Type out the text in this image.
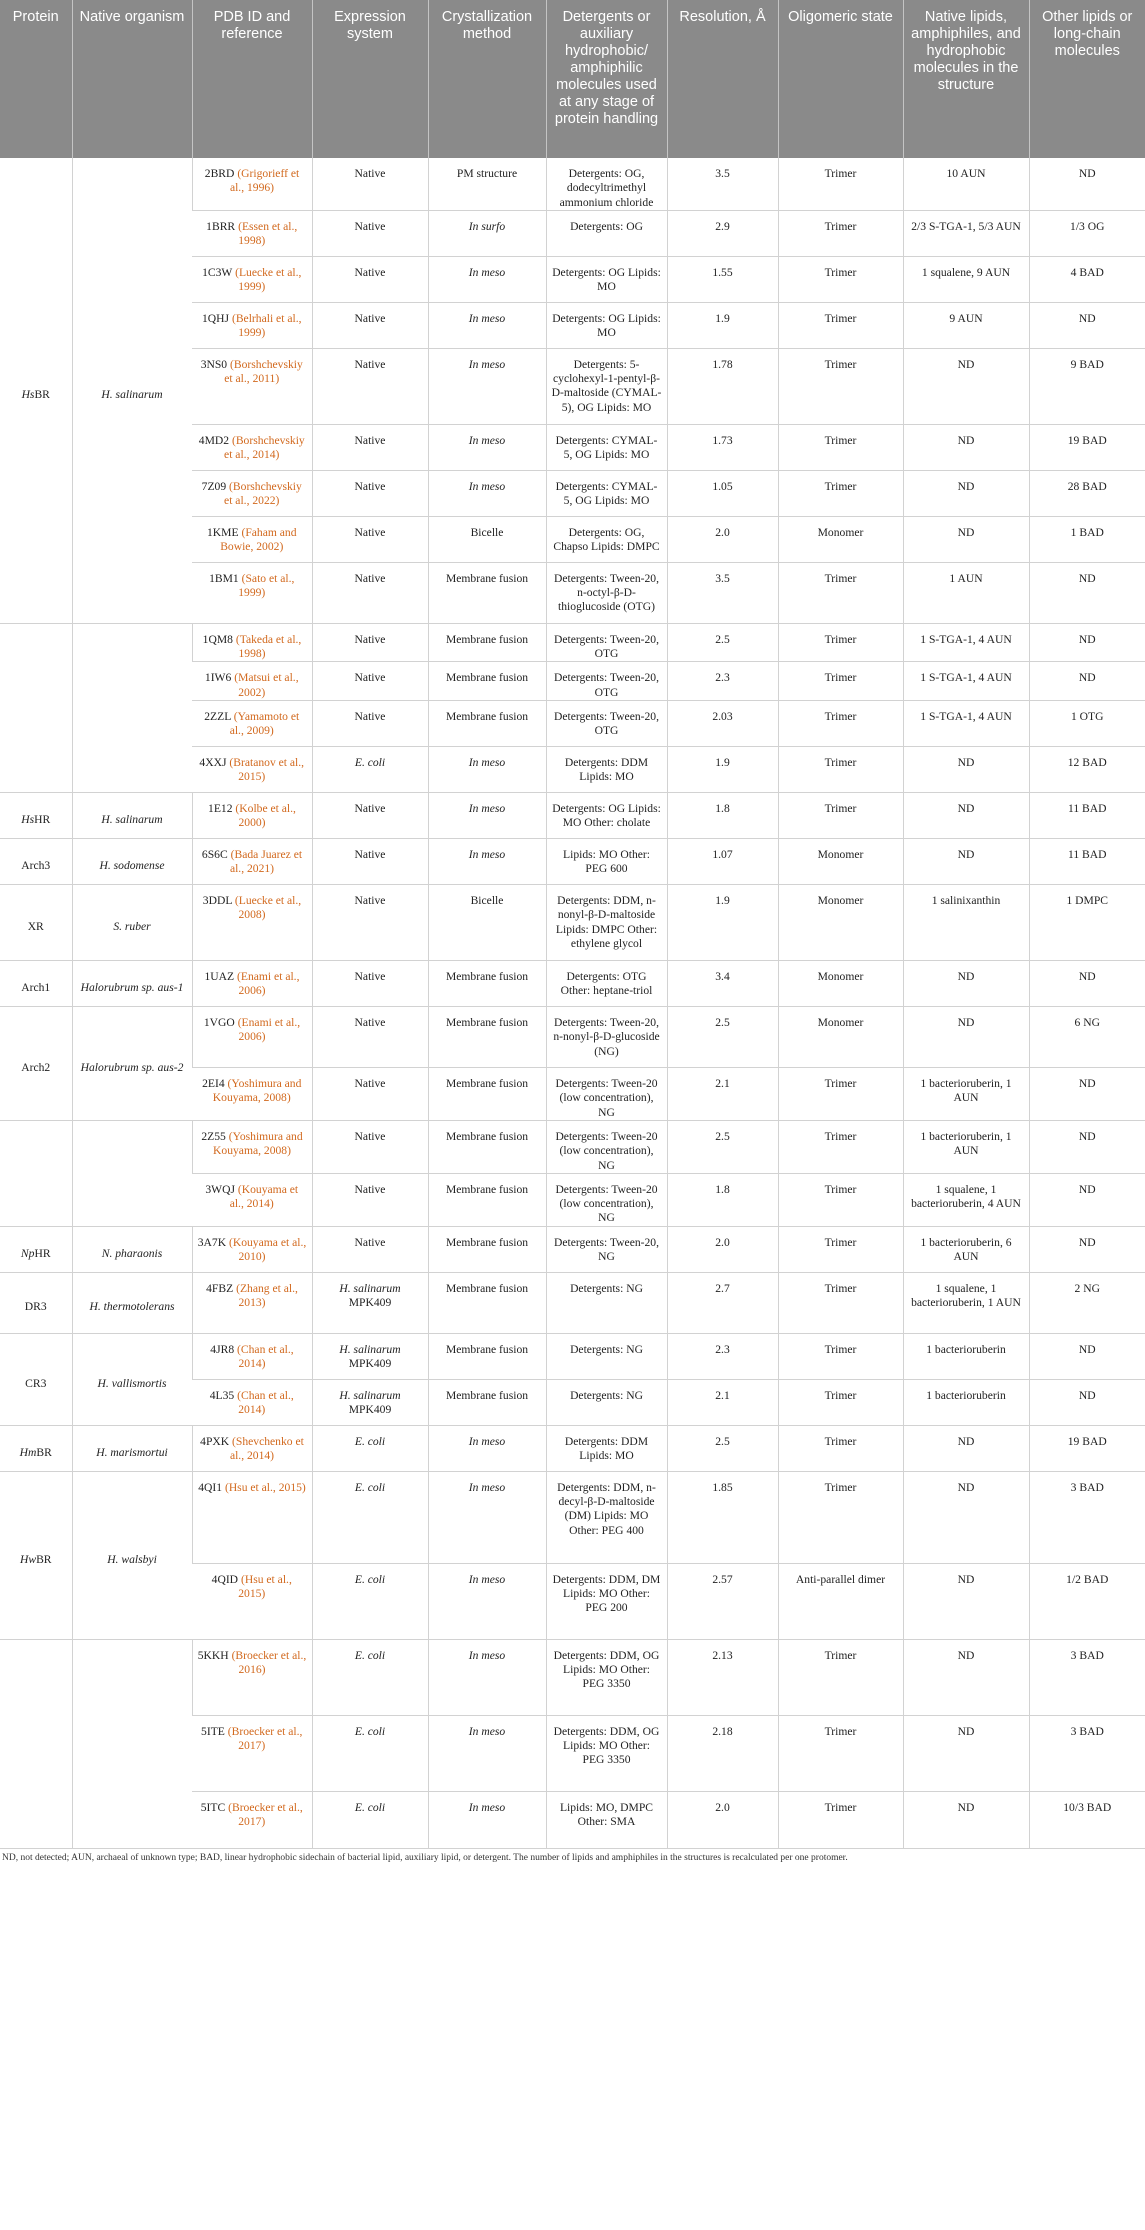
Protein	Native organism	PDB ID and reference	Expression system	Crystallization method	Detergents or auxiliary hydrophobic/ amphiphilic molecules used at any stage of protein handling	Resolution, Å	Oligomeric state	Native lipids, amphiphiles, and hydrophobic molecules in the structure	Other lipids or long-chain molecules
HsBR	H. salinarum	2BRD (Grigorieff et al., 1996)	Native	PM structure	Detergents: OG, dodecyltrimethyl ammonium chloride	3.5	Trimer	10 AUN	ND
		1BRR (Essen et al., 1998)	Native	In surfo	Detergents: OG	2.9	Trimer	2/3 S-TGA-1, 5/3 AUN	1/3 OG
		1C3W (Luecke et al., 1999)	Native	In meso	Detergents: OG Lipids: MO	1.55	Trimer	1 squalene, 9 AUN	4 BAD
		1QHJ (Belrhali et al., 1999)	Native	In meso	Detergents: OG Lipids: MO	1.9	Trimer	9 AUN	ND
		3NS0 (Borshchevskiy et al., 2011)	Native	In meso	Detergents: 5-cyclohexyl-1-pentyl-β-D-maltoside (CYMAL-5), OG Lipids: MO	1.78	Trimer	ND	9 BAD
		4MD2 (Borshchevskiy et al., 2014)	Native	In meso	Detergents: CYMAL-5, OG Lipids: MO	1.73	Trimer	ND	19 BAD
		7Z09 (Borshchevskiy et al., 2022)	Native	In meso	Detergents: CYMAL-5, OG Lipids: MO	1.05	Trimer	ND	28 BAD
		1KME (Faham and Bowie, 2002)	Native	Bicelle	Detergents: OG, Chapso Lipids: DMPC	2.0	Monomer	ND	1 BAD
		1BM1 (Sato et al., 1999)	Native	Membrane fusion	Detergents: Tween-20, n-octyl-β-D-thioglucoside (OTG)	3.5	Trimer	1 AUN	ND
		1QM8 (Takeda et al., 1998)	Native	Membrane fusion	Detergents: Tween-20, OTG	2.5	Trimer	1 S-TGA-1, 4 AUN	ND
		1IW6 (Matsui et al., 2002)	Native	Membrane fusion	Detergents: Tween-20, OTG	2.3	Trimer	1 S-TGA-1, 4 AUN	ND
		2ZZL (Yamamoto et al., 2009)	Native	Membrane fusion	Detergents: Tween-20, OTG	2.03	Trimer	1 S-TGA-1, 4 AUN	1 OTG
		4XXJ (Bratanov et al., 2015)	E. coli	In meso	Detergents: DDM Lipids: MO	1.9	Trimer	ND	12 BAD
HsHR	H. salinarum	1E12 (Kolbe et al., 2000)	Native	In meso	Detergents: OG Lipids: MO Other: cholate	1.8	Trimer	ND	11 BAD
Arch3	H. sodomense	6S6C (Bada Juarez et al., 2021)	Native	In meso	Lipids: MO Other: PEG 600	1.07	Monomer	ND	11 BAD
XR	S. ruber	3DDL (Luecke et al., 2008)	Native	Bicelle	Detergents: DDM, n-nonyl-β-D-maltoside Lipids: DMPC Other: ethylene glycol	1.9	Monomer	1 salinixanthin	1 DMPC
Arch1	Halorubrum sp. aus-1	1UAZ (Enami et al., 2006)	Native	Membrane fusion	Detergents: OTG Other: heptane-triol	3.4	Monomer	ND	ND
Arch2	Halorubrum sp. aus-2	1VGO (Enami et al., 2006)	Native	Membrane fusion	Detergents: Tween-20, n-nonyl-β-D-glucoside (NG)	2.5	Monomer	ND	6 NG
		2EI4 (Yoshimura and Kouyama, 2008)	Native	Membrane fusion	Detergents: Tween-20 (low concentration), NG	2.1	Trimer	1 bacterioruberin, 1 AUN	ND
		2Z55 (Yoshimura and Kouyama, 2008)	Native	Membrane fusion	Detergents: Tween-20 (low concentration), NG	2.5	Trimer	1 bacterioruberin, 1 AUN	ND
		3WQJ (Kouyama et al., 2014)	Native	Membrane fusion	Detergents: Tween-20 (low concentration), NG	1.8	Trimer	1 squalene, 1 bacterioruberin, 4 AUN	ND
NpHR	N. pharaonis	3A7K (Kouyama et al., 2010)	Native	Membrane fusion	Detergents: Tween-20, NG	2.0	Trimer	1 bacterioruberin, 6 AUN	ND
DR3	H. thermotolerans	4FBZ (Zhang et al., 2013)	H. salinarum MPK409	Membrane fusion	Detergents: NG	2.7	Trimer	1 squalene, 1 bacterioruberin, 1 AUN	2 NG
CR3	H. vallismortis	4JR8 (Chan et al., 2014)	H. salinarum MPK409	Membrane fusion	Detergents: NG	2.3	Trimer	1 bacterioruberin	ND
		4L35 (Chan et al., 2014)	H. salinarum MPK409	Membrane fusion	Detergents: NG	2.1	Trimer	1 bacterioruberin	ND
HmBR	H. marismortui	4PXK (Shevchenko et al., 2014)	E. coli	In meso	Detergents: DDM Lipids: MO	2.5	Trimer	ND	19 BAD
HwBR	H. walsbyi	4QI1 (Hsu et al., 2015)	E. coli	In meso	Detergents: DDM, n-decyl-β-D-maltoside (DM) Lipids: MO Other: PEG 400	1.85	Trimer	ND	3 BAD
		4QID (Hsu et al., 2015)	E. coli	In meso	Detergents: DDM, DM Lipids: MO Other: PEG 200	2.57	Anti-parallel dimer	ND	1/2 BAD
		5KKH (Broecker et al., 2016)	E. coli	In meso	Detergents: DDM, OG Lipids: MO Other: PEG 3350	2.13	Trimer	ND	3 BAD
		5ITE (Broecker et al., 2017)	E. coli	In meso	Detergents: DDM, OG Lipids: MO Other: PEG 3350	2.18	Trimer	ND	3 BAD
		5ITC (Broecker et al., 2017)	E. coli	In meso	Lipids: MO, DMPC Other: SMA	2.0	Trimer	ND	10/3 BAD
ND, not detected; AUN, archaeal of unknown type; BAD, linear hydrophobic sidechain of bacterial lipid, auxiliary lipid, or detergent. The number of lipids and amphiphiles in the structures is recalculated per one protomer.
